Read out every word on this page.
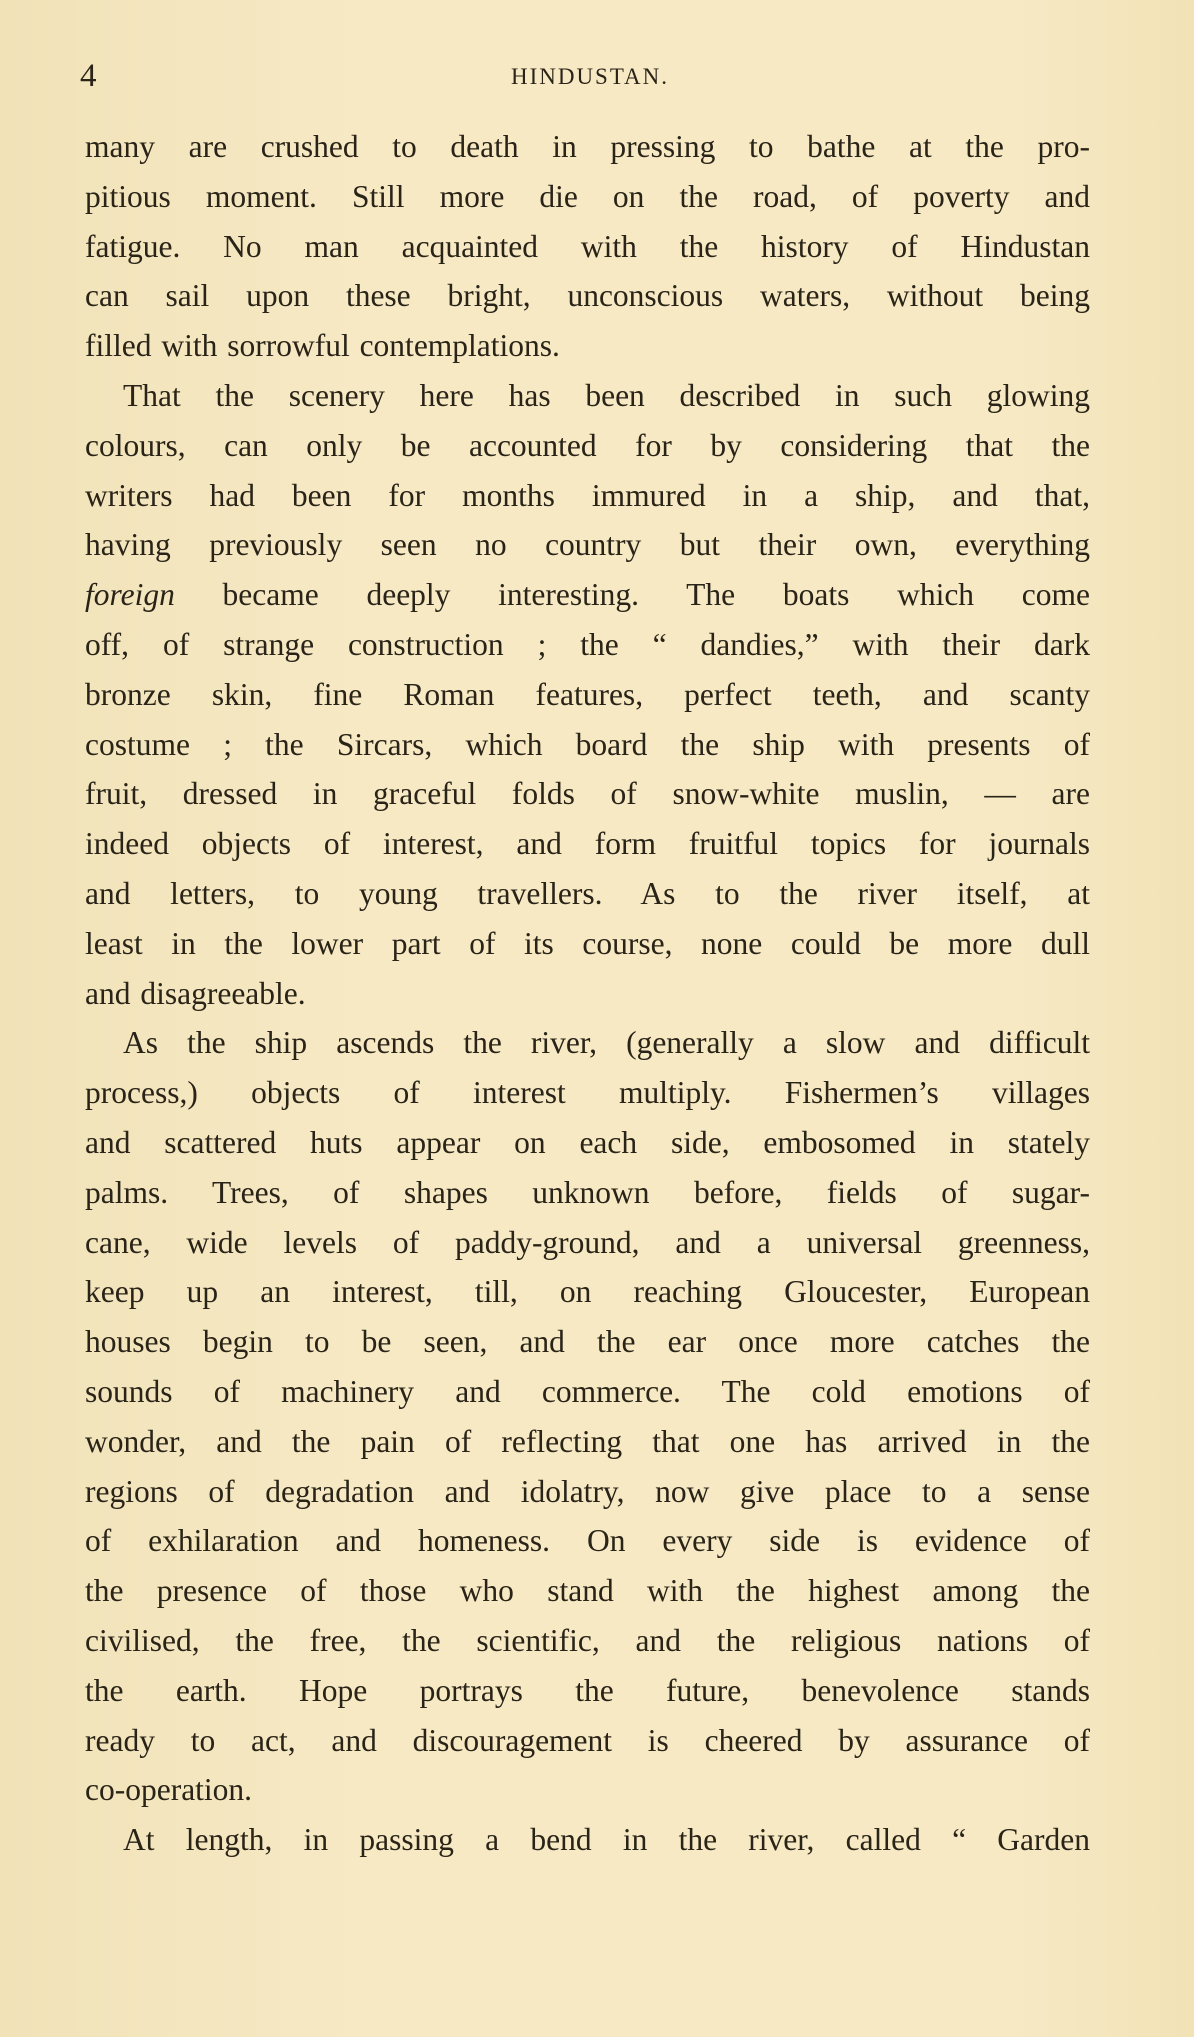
4	HINDUSTAN.
many are crushed to death in pressing to bathe at the pro-
pitious moment. Still more die on the road, of poverty and
fatigue. No man acquainted with the history of Hindustan
can sail upon these bright, unconscious waters, without being
filled with sorrowful contemplations.
That the scenery here has been described in such glowing
colours, can only be accounted for by considering that the
writers had been for months immured in a ship, and that,
having previously seen no country but their own, everything
foreign became deeply interesting. The boats which come
off, of strange construction ; the “ dandies,” with their dark
bronze skin, fine Roman features, perfect teeth, and scanty
costume ; the Sircars, which board the ship with presents of
fruit, dressed in graceful folds of snow-white muslin, — are
indeed objects of interest, and form fruitful topics for journals
and letters, to young travellers. As to the river itself, at
least in the lower part of its course, none could be more dull
and disagreeable.
As the ship ascends the river, (generally a slow and difficult
process,) objects of interest multiply. Fishermen’s villages
and scattered huts appear on each side, embosomed in stately
palms. Trees, of shapes unknown before, fields of sugar-
cane, wide levels of paddy-ground, and a universal greenness,
keep up an interest, till, on reaching Gloucester, European
houses begin to be seen, and the ear once more catches the
sounds of machinery and commerce. The cold emotions of
wonder, and the pain of reflecting that one has arrived in the
regions of degradation and idolatry, now give place to a sense
of exhilaration and homeness. On every side is evidence of
the presence of those who stand with the highest among the
civilised, the free, the scientific, and the religious nations of
the earth. Hope portrays the future, benevolence stands
ready to act, and discouragement is cheered by assurance of
co-operation.
At length, in passing a bend in the river, called “ Garden
